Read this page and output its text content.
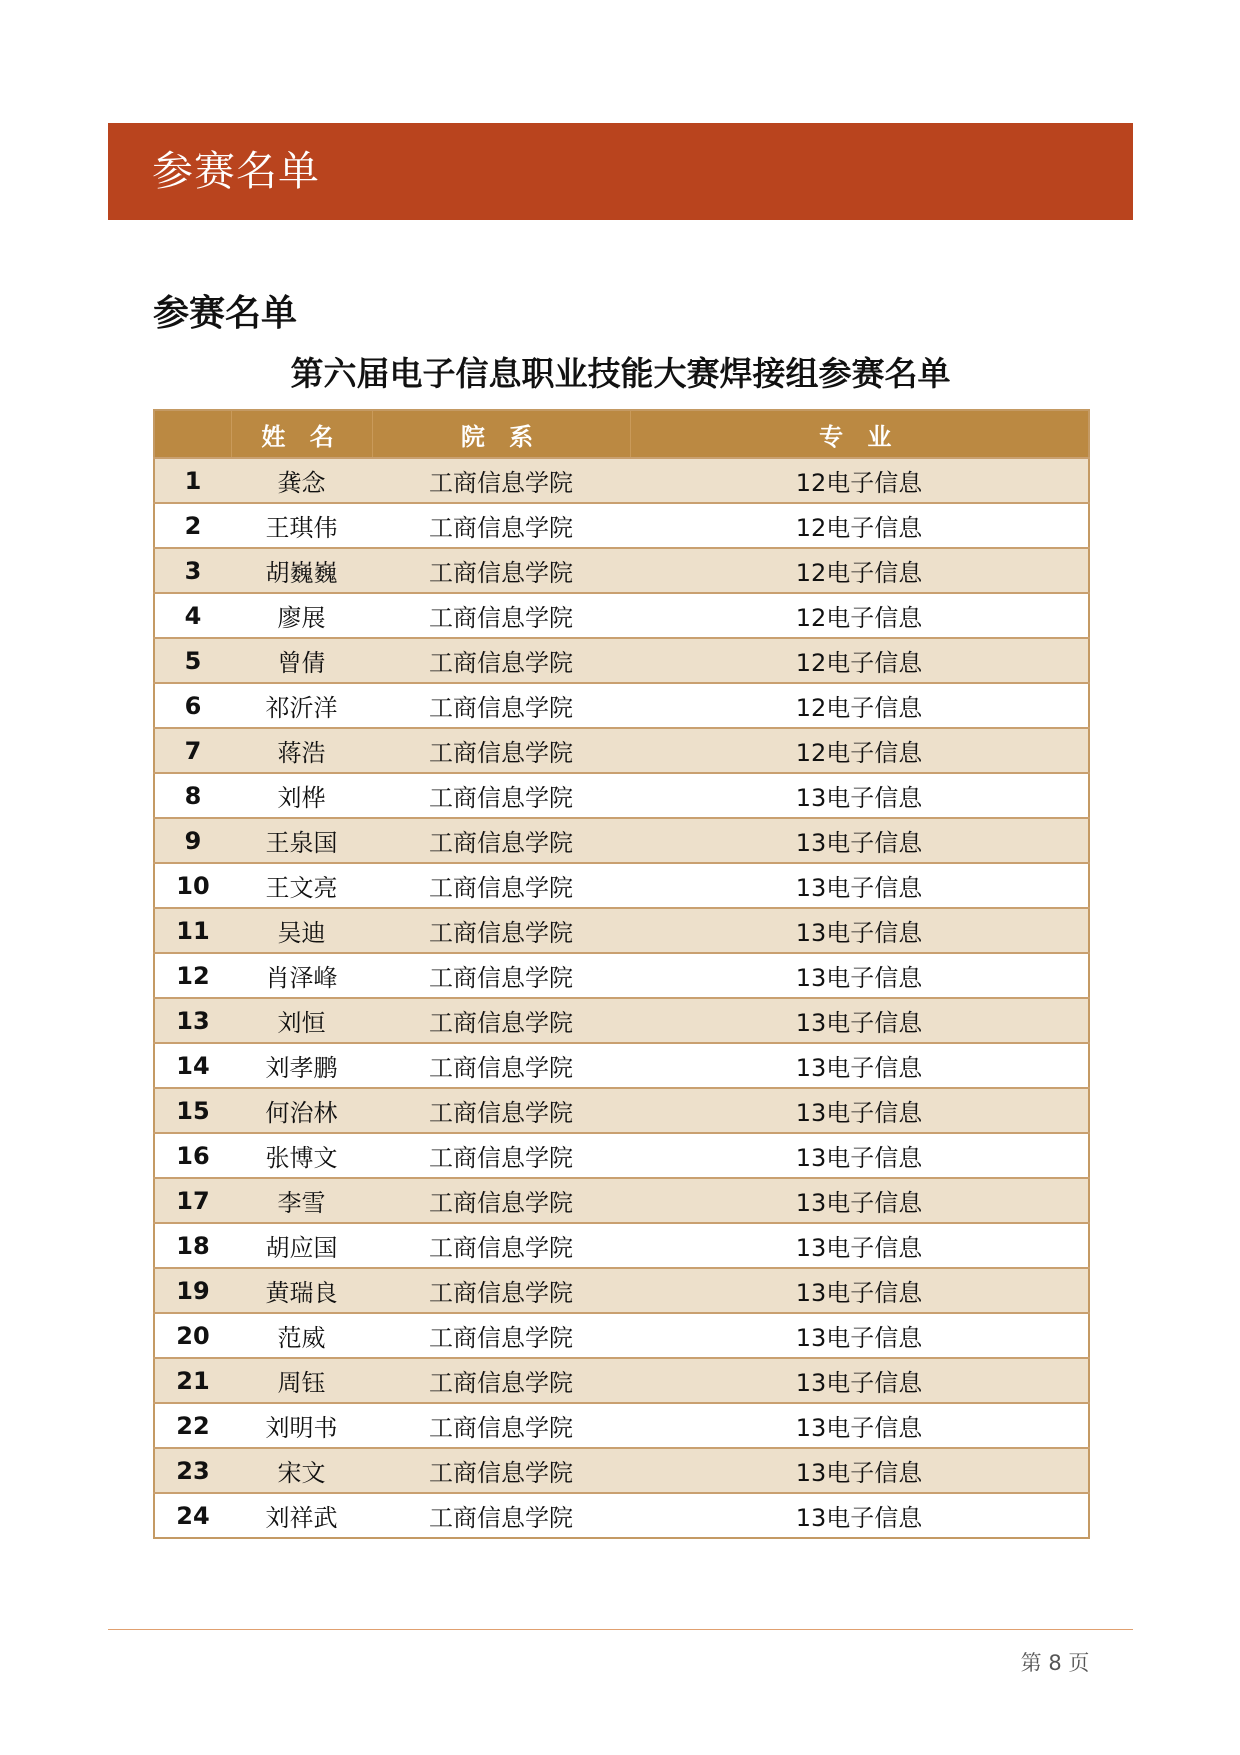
参赛名单
参赛名单
第六届电子信息职业技能大赛焊接组参赛名单
	姓 名	院 系	专 业
1	龚念	工商信息学院	12电子信息
2	王琪伟	工商信息学院	12电子信息
3	胡巍巍	工商信息学院	12电子信息
4	廖展	工商信息学院	12电子信息
5	曾倩	工商信息学院	12电子信息
6	祁沂洋	工商信息学院	12电子信息
7	蒋浩	工商信息学院	12电子信息
8	刘桦	工商信息学院	13电子信息
9	王泉国	工商信息学院	13电子信息
10	王文亮	工商信息学院	13电子信息
11	吴迪	工商信息学院	13电子信息
12	肖泽峰	工商信息学院	13电子信息
13	刘恒	工商信息学院	13电子信息
14	刘孝鹏	工商信息学院	13电子信息
15	何治林	工商信息学院	13电子信息
16	张博文	工商信息学院	13电子信息
17	李雪	工商信息学院	13电子信息
18	胡应国	工商信息学院	13电子信息
19	黄瑞良	工商信息学院	13电子信息
20	范威	工商信息学院	13电子信息
21	周钰	工商信息学院	13电子信息
22	刘明书	工商信息学院	13电子信息
23	宋文	工商信息学院	13电子信息
24	刘祥武	工商信息学院	13电子信息
第 8 页
